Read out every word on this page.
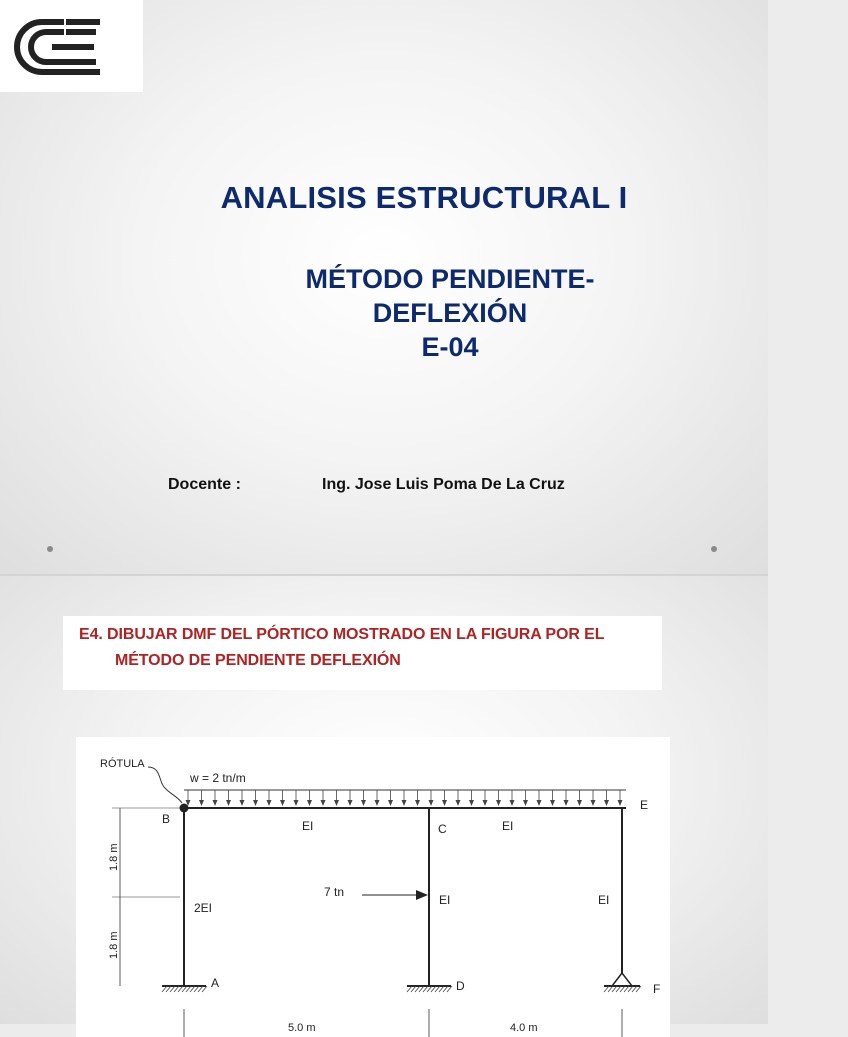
ANALISIS ESTRUCTURAL I
MÉTODO PENDIENTE-
DEFLEXIÓN
E-04
Docente :	Ing. Jose Luis Poma De La Cruz
E4. DIBUJAR DMF DEL PÓRTICO MOSTRADO EN LA FIGURA POR EL
MÉTODO DE PENDIENTE DEFLEXIÓN
RÓTULA
w = 2 tn/m
B
C
E
A	D	F
EI	EI
2EI
EI	EI
7 tn
1.8 m
1.8 m
5.0 m	4.0 m
